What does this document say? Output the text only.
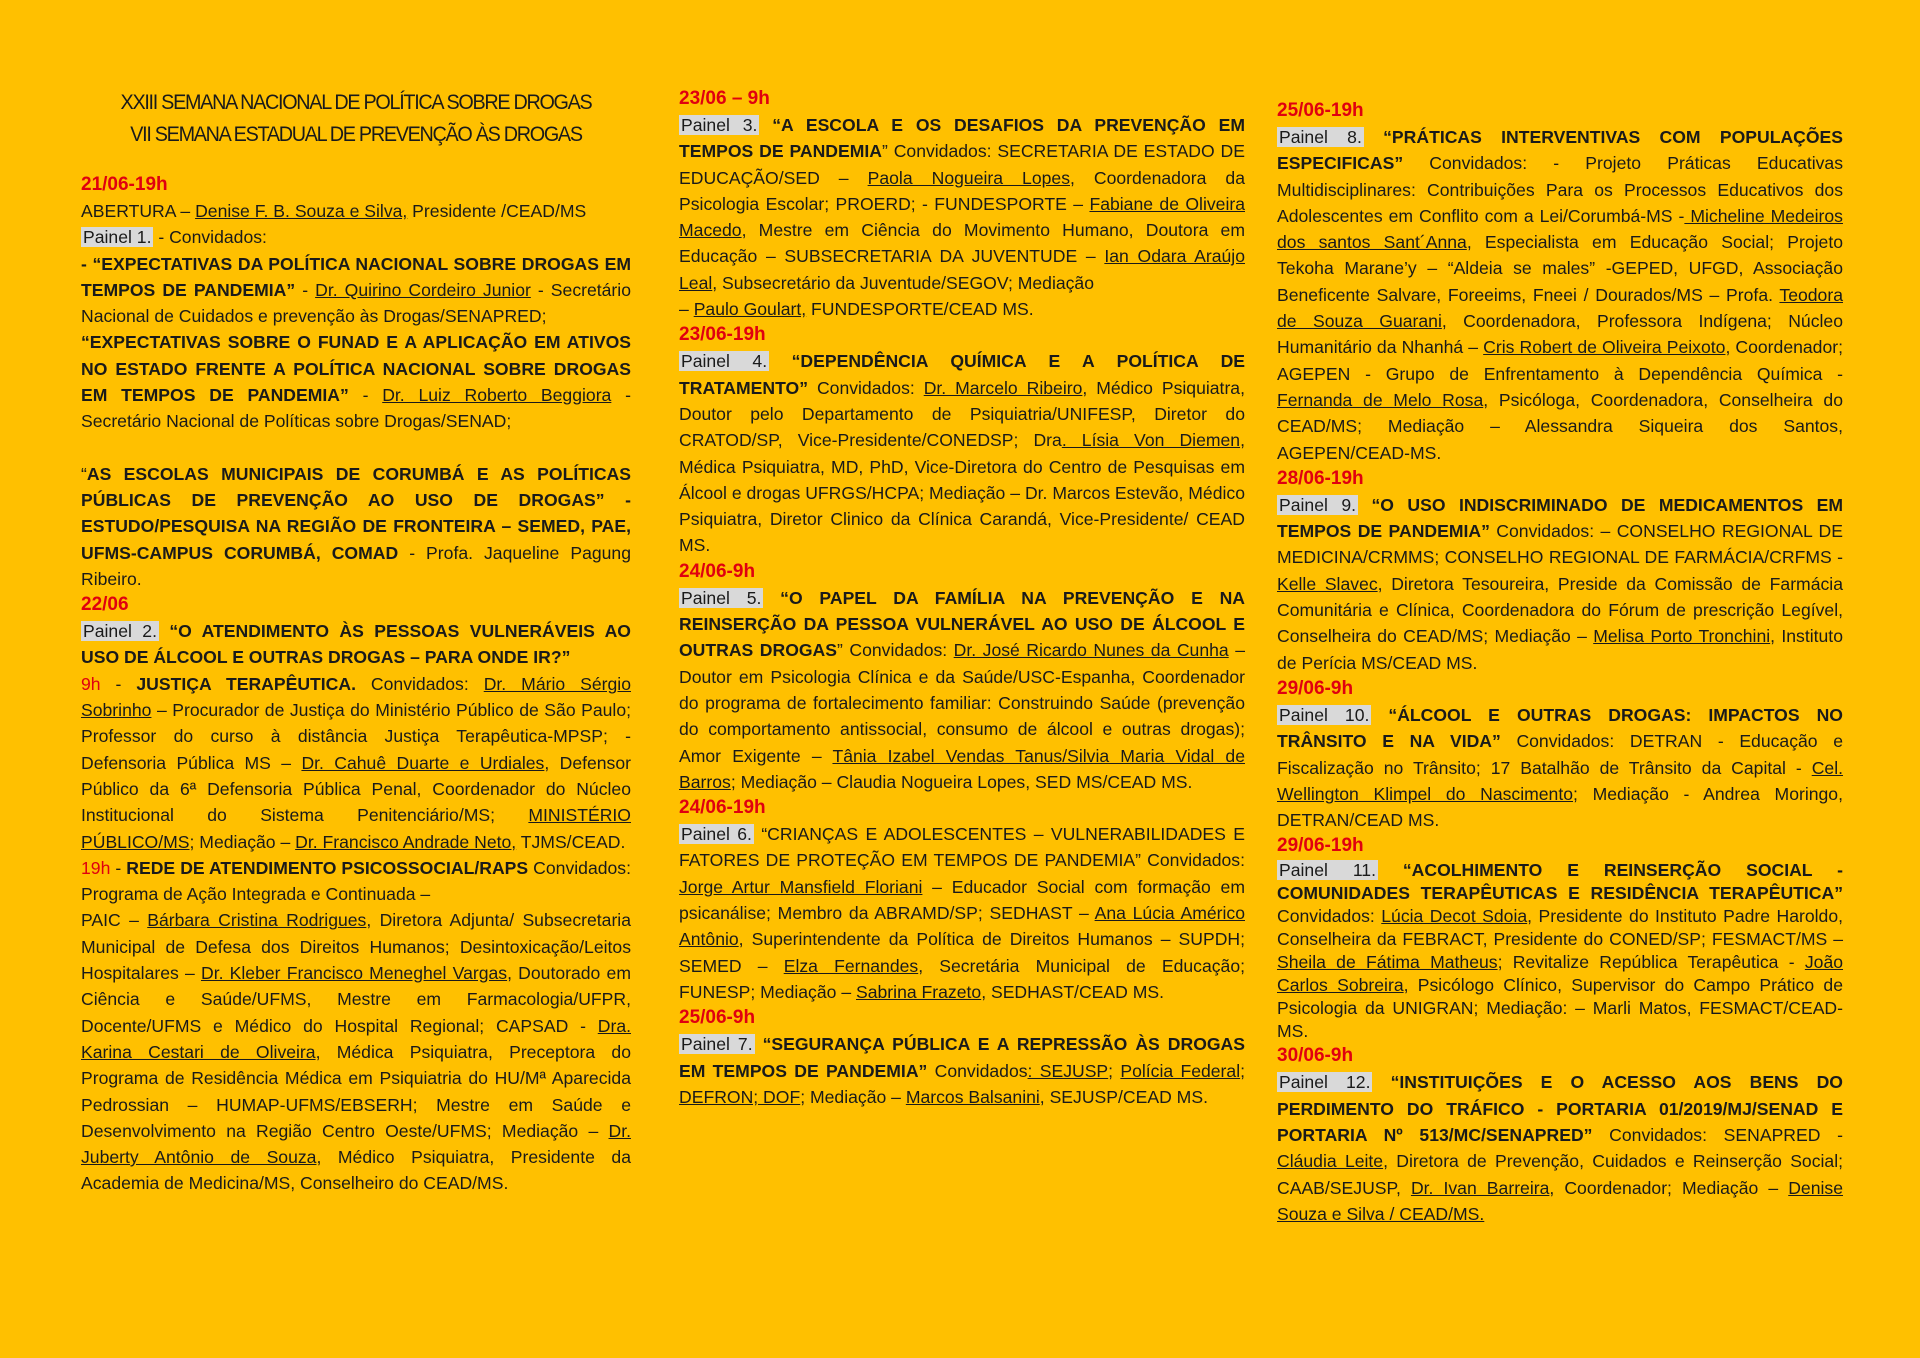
XXIII SEMANA NACIONAL DE POLÍTICA SOBRE DROGAS
VII SEMANA ESTADUAL DE PREVENÇÃO ÀS DROGAS
21/06-19h

ABERTURA – Denise F. B. Souza e Silva, Presidente /CEAD/MS

Painel 1. - Convidados:

- “EXPECTATIVAS DA POLÍTICA NACIONAL SOBRE DROGAS EM TEMPOS DE PANDEMIA” - Dr. Quirino Cordeiro Junior - Secretário Nacional de Cuidados e prevenção às Drogas/SENAPRED;

“EXPECTATIVAS SOBRE O FUNAD E A APLICAÇÃO EM ATIVOS NO ESTADO FRENTE A POLÍTICA NACIONAL SOBRE DROGAS EM TEMPOS DE PANDEMIA” - Dr. Luiz Roberto Beggiora - Secretário Nacional de Políticas sobre Drogas/SENAD;

“AS ESCOLAS MUNICIPAIS DE CORUMBÁ E AS POLÍTICAS PÚBLICAS DE PREVENÇÃO AO USO DE DROGAS” - ESTUDO/PESQUISA NA REGIÃO DE FRONTEIRA – SEMED, PAE, UFMS-CAMPUS CORUMBÁ, COMAD - Profa. Jaqueline Pagung Ribeiro.

22/06

Painel 2. “O ATENDIMENTO ÀS PESSOAS VULNERÁVEIS AO USO DE ÁLCOOL E OUTRAS DROGAS – PARA ONDE IR?”

9h - JUSTIÇA TERAPÊUTICA. Convidados: Dr. Mário Sérgio Sobrinho – Procurador de Justiça do Ministério Público de São Paulo; Professor do curso à distância Justiça Terapêutica-MPSP; - Defensoria Pública MS – Dr. Cahuê Duarte e Urdiales, Defensor Público da 6ª Defensoria Pública Penal, Coordenador do Núcleo Institucional do Sistema Penitenciário/MS; MINISTÉRIO PÚBLICO/MS; Mediação – Dr. Francisco Andrade Neto, TJMS/CEAD.

19h - REDE DE ATENDIMENTO PSICOSSOCIAL/RAPS Convidados: Programa de Ação Integrada e Continuada –
PAIC – Bárbara Cristina Rodrigues, Diretora Adjunta/ Subsecretaria Municipal de Defesa dos Direitos Humanos; Desintoxicação/Leitos Hospitalares – Dr. Kleber Francisco Meneghel Vargas, Doutorado em Ciência e Saúde/UFMS, Mestre em Farmacologia/UFPR, Docente/UFMS e Médico do Hospital Regional; CAPSAD - Dra. Karina Cestari de Oliveira, Médica Psiquiatra, Preceptora do Programa de Residência Médica em Psiquiatria do HU/Mª Aparecida Pedrossian – HUMAP-UFMS/EBSERH; Mestre em Saúde e Desenvolvimento na Região Centro Oeste/UFMS; Mediação – Dr. Juberty Antônio de Souza, Médico Psiquiatra, Presidente da Academia de Medicina/MS, Conselheiro do CEAD/MS.

23/06 – 9h

Painel 3. “A ESCOLA E OS DESAFIOS DA PREVENÇÃO EM TEMPOS DE PANDEMIA” Convidados: SECRETARIA DE ESTADO DE EDUCAÇÃO/SED – Paola Nogueira Lopes, Coordenadora da Psicologia Escolar; PROERD; - FUNDESPORTE – Fabiane de Oliveira Macedo, Mestre em Ciência do Movimento Humano, Doutora em Educação – SUBSECRETARIA DA JUVENTUDE – Ian Odara Araújo Leal, Subsecretário da Juventude/SEGOV; Mediação
– Paulo Goulart, FUNDESPORTE/CEAD MS.

23/06-19h

Painel 4. “DEPENDÊNCIA QUÍMICA E A POLÍTICA DE TRATAMENTO” Convidados: Dr. Marcelo Ribeiro, Médico Psiquiatra, Doutor pelo Departamento de Psiquiatria/UNIFESP, Diretor do CRATOD/SP, Vice-Presidente/CONEDSP; Dra. Lísia Von Diemen, Médica Psiquiatra, MD, PhD, Vice-Diretora do Centro de Pesquisas em Álcool e drogas UFRGS/HCPA; Mediação – Dr. Marcos Estevão, Médico Psiquiatra, Diretor Clinico da Clínica Carandá, Vice-Presidente/ CEAD MS.

24/06-9h

Painel 5. “O PAPEL DA FAMÍLIA NA PREVENÇÃO E NA REINSERÇÃO DA PESSOA VULNERÁVEL AO USO DE ÁLCOOL E OUTRAS DROGAS” Convidados: Dr. José Ricardo Nunes da Cunha – Doutor em Psicologia Clínica e da Saúde/USC-Espanha, Coordenador do programa de fortalecimento familiar: Construindo Saúde (prevenção do comportamento antissocial, consumo de álcool e outras drogas); Amor Exigente – Tânia Izabel Vendas Tanus/Silvia Maria Vidal de Barros; Mediação – Claudia Nogueira Lopes, SED MS/CEAD MS.

24/06-19h

Painel 6. “CRIANÇAS E ADOLESCENTES – VULNERABILIDADES E FATORES DE PROTEÇÃO EM TEMPOS DE PANDEMIA” Convidados: Jorge Artur Mansfield Floriani – Educador Social com formação em psicanálise; Membro da ABRAMD/SP; SEDHAST – Ana Lúcia Américo Antônio, Superintendente da Política de Direitos Humanos – SUPDH; SEMED – Elza Fernandes, Secretária Municipal de Educação; FUNESP; Mediação – Sabrina Frazeto, SEDHAST/CEAD MS.

25/06-9h

Painel 7. “SEGURANÇA PÚBLICA E A REPRESSÃO ÀS DROGAS EM TEMPOS DE PANDEMIA” Convidados: SEJUSP; Polícia Federal; DEFRON; DOF; Mediação – Marcos Balsanini, SEJUSP/CEAD MS.

25/06-19h

Painel 8. “PRÁTICAS INTERVENTIVAS COM POPULAÇÕES ESPECIFICAS” Convidados: - Projeto Práticas Educativas Multidisciplinares: Contribuições Para os Processos Educativos dos Adolescentes em Conflito com a Lei/Corumbá-MS - Micheline Medeiros dos santos Sant´Anna, Especialista em Educação Social; Projeto Tekoha Marane’y – “Aldeia se males” -GEPED, UFGD, Associação Beneficente Salvare, Foreeims, Fneei / Dourados/MS – Profa. Teodora de Souza Guarani, Coordenadora, Professora Indígena; Núcleo Humanitário da Nhanhá – Cris Robert de Oliveira Peixoto, Coordenador; AGEPEN - Grupo de Enfrentamento à Dependência Química - Fernanda de Melo Rosa, Psicóloga, Coordenadora, Conselheira do CEAD/MS; Mediação – Alessandra Siqueira dos Santos, AGEPEN/CEAD-MS.

28/06-19h

Painel 9. “O USO INDISCRIMINADO DE MEDICAMENTOS EM TEMPOS DE PANDEMIA” Convidados: – CONSELHO REGIONAL DE MEDICINA/CRMMS; CONSELHO REGIONAL DE FARMÁCIA/CRFMS - Kelle Slavec, Diretora Tesoureira, Preside da Comissão de Farmácia Comunitária e Clínica, Coordenadora do Fórum de prescrição Legível, Conselheira do CEAD/MS; Mediação – Melisa Porto Tronchini, Instituto de Perícia MS/CEAD MS.

29/06-9h

Painel 10. “ÁLCOOL E OUTRAS DROGAS: IMPACTOS NO TRÂNSITO E NA VIDA” Convidados: DETRAN - Educação e Fiscalização no Trânsito; 17 Batalhão de Trânsito da Capital - Cel. Wellington Klimpel do Nascimento; Mediação - Andrea Moringo, DETRAN/CEAD MS.

29/06-19h

Painel 11. “ACOLHIMENTO E REINSERÇÃO SOCIAL - COMUNIDADES TERAPÊUTICAS E RESIDÊNCIA TERAPÊUTICA” Convidados: Lúcia Decot Sdoia, Presidente do Instituto Padre Haroldo, Conselheira da FEBRACT, Presidente do CONED/SP; FESMACT/MS – Sheila de Fátima Matheus; Revitalize República Terapêutica - João Carlos Sobreira, Psicólogo Clínico, Supervisor do Campo Prático de Psicologia da UNIGRAN; Mediação: – Marli Matos, FESMACT/CEAD-MS.

30/06-9h

Painel 12. “INSTITUIÇÕES E O ACESSO AOS BENS DO PERDIMENTO DO TRÁFICO - PORTARIA 01/2019/MJ/SENAD E PORTARIA Nº 513/MC/SENAPRED” Convidados: SENAPRED - Cláudia Leite, Diretora de Prevenção, Cuidados e Reinserção Social; CAAB/SEJUSP, Dr. Ivan Barreira, Coordenador; Mediação – Denise Souza e Silva / CEAD/MS.
